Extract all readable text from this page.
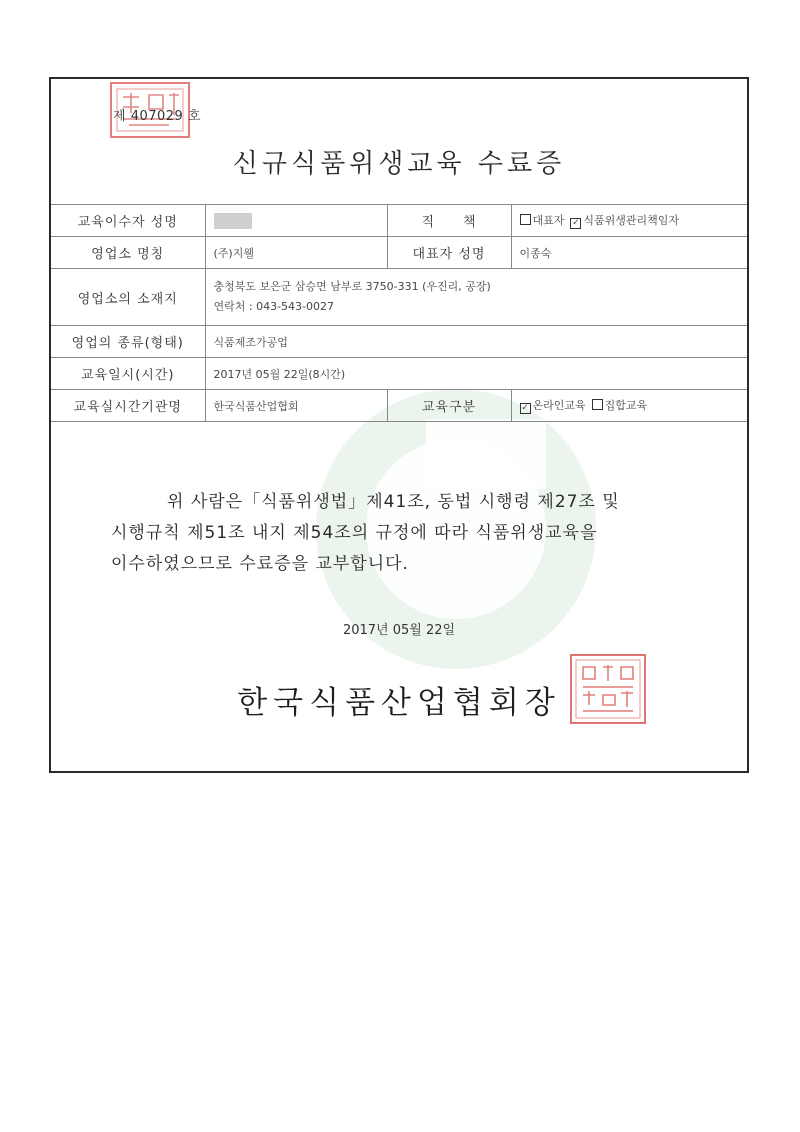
제 407029 호
신규식품위생교육 수료증
교육이수자 성명		직　　책	대표자 ✓ 식품위생관리책임자
영업소 명칭	(주)지웰	대표자 성명	이종숙
영업소의 소재지	충청북도 보은군 삼승면 남부로 3750-331 (우진리, 공장)
연락처 : 043-543-0027		

영업의 종류(형태)	식품제조가공업		
교육일시(시간)	2017년 05월 22일(8시간)		
교육실시간기관명	한국식품산업협회	교육구분	✓ 온라인교육 집합교육
위 사람은「식품위생법」제41조, 동법 시행령 제27조 및
시행규칙 제51조 내지 제54조의 규정에 따라 식품위생교육을
이수하였으므로 수료증을 교부합니다.
2017년 05월 22일
한국식품산업협회장
